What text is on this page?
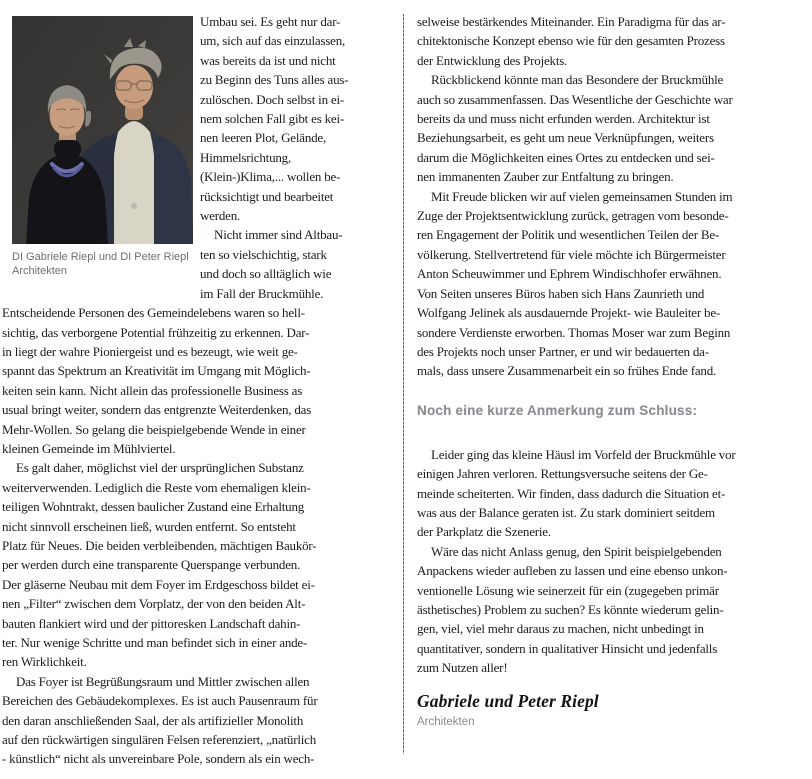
DI Gabriele Riepl und DI Peter Riepl
Architekten
Umbau sei. Es geht nur dar-
um, sich auf das einzulassen,
was bereits da ist und nicht
zu Beginn des Tuns alles aus-
zulöschen. Doch selbst in ei-
nem solchen Fall gibt es kei-
nen leeren Plot, Gelände,
Himmelsrichtung,
(Klein-)Klima,... wollen be-
rücksichtigt und bearbeitet
werden.
Nicht immer sind Altbau-
ten so vielschichtig, stark
und doch so alltäglich wie
im Fall der Bruckmühle.
Entscheidende Personen des Gemeindelebens waren so hell-
sichtig, das verborgene Potential frühzeitig zu erkennen. Dar-
in liegt der wahre Pioniergeist und es bezeugt, wie weit ge-
spannt das Spektrum an Kreativität im Umgang mit Möglich-
keiten sein kann. Nicht allein das professionelle Business as
usual bringt weiter, sondern das entgrenzte Weiterdenken, das
Mehr-Wollen. So gelang die beispielgebende Wende in einer
kleinen Gemeinde im Mühlviertel.
Es galt daher, möglichst viel der ursprünglichen Substanz
weiterverwenden. Lediglich die Reste vom ehemaligen klein-
teiligen Wohntrakt, dessen baulicher Zustand eine Erhaltung
nicht sinnvoll erscheinen ließ, wurden entfernt. So entsteht
Platz für Neues. Die beiden verbleibenden, mächtigen Baukör-
per werden durch eine transparente Querspange verbunden.
Der gläserne Neubau mit dem Foyer im Erdgeschoss bildet ei-
nen „Filter“ zwischen dem Vorplatz, der von den beiden Alt-
bauten flankiert wird und der pittoresken Landschaft dahin-
ter. Nur wenige Schritte und man befindet sich in einer ande-
ren Wirklichkeit.
Das Foyer ist Begrüßungsraum und Mittler zwischen allen
Bereichen des Gebäudekomplexes. Es ist auch Pausenraum für
den daran anschließenden Saal, der als artifizieller Monolith
auf den rückwärtigen singulären Felsen referenziert, „natürlich
- künstlich“ nicht als unvereinbare Pole, sondern als ein wech-
selweise bestärkendes Miteinander. Ein Paradigma für das ar-
chitektonische Konzept ebenso wie für den gesamten Prozess
der Entwicklung des Projekts.
Rückblickend könnte man das Besondere der Bruckmühle
auch so zusammenfassen. Das Wesentliche der Geschichte war
bereits da und muss nicht erfunden werden. Architektur ist
Beziehungsarbeit, es geht um neue Verknüpfungen, weiters
darum die Möglichkeiten eines Ortes zu entdecken und sei-
nen immanenten Zauber zur Entfaltung zu bringen.
Mit Freude blicken wir auf vielen gemeinsamen Stunden im
Zuge der Projektsentwicklung zurück, getragen vom besonde-
ren Engagement der Politik und wesentlichen Teilen der Be-
völkerung. Stellvertretend für viele möchte ich Bürgermeister
Anton Scheuwimmer und Ephrem Windischhofer erwähnen.
Von Seiten unseres Büros haben sich Hans Zaunrieth und
Wolfgang Jelinek als ausdauernde Projekt- wie Bauleiter be-
sondere Verdienste erworben. Thomas Moser war zum Beginn
des Projekts noch unser Partner, er und wir bedauerten da-
mals, dass unsere Zusammenarbeit ein so frühes Ende fand.
Noch eine kurze Anmerkung zum Schluss:
Leider ging das kleine Häusl im Vorfeld der Bruckmühle vor
einigen Jahren verloren. Rettungsversuche seitens der Ge-
meinde scheiterten. Wir finden, dass dadurch die Situation et-
was aus der Balance geraten ist. Zu stark dominiert seitdem
der Parkplatz die Szenerie.
Wäre das nicht Anlass genug, den Spirit beispielgebenden
Anpackens wieder aufleben zu lassen und eine ebenso unkon-
ventionelle Lösung wie seinerzeit für ein (zugegeben primär
ästhetisches) Problem zu suchen? Es könnte wiederum gelin-
gen, viel, viel mehr daraus zu machen, nicht unbedingt in
quantitativer, sondern in qualitativer Hinsicht und jedenfalls
zum Nutzen aller!

Gabriele und Peter Riepl

Architekten
